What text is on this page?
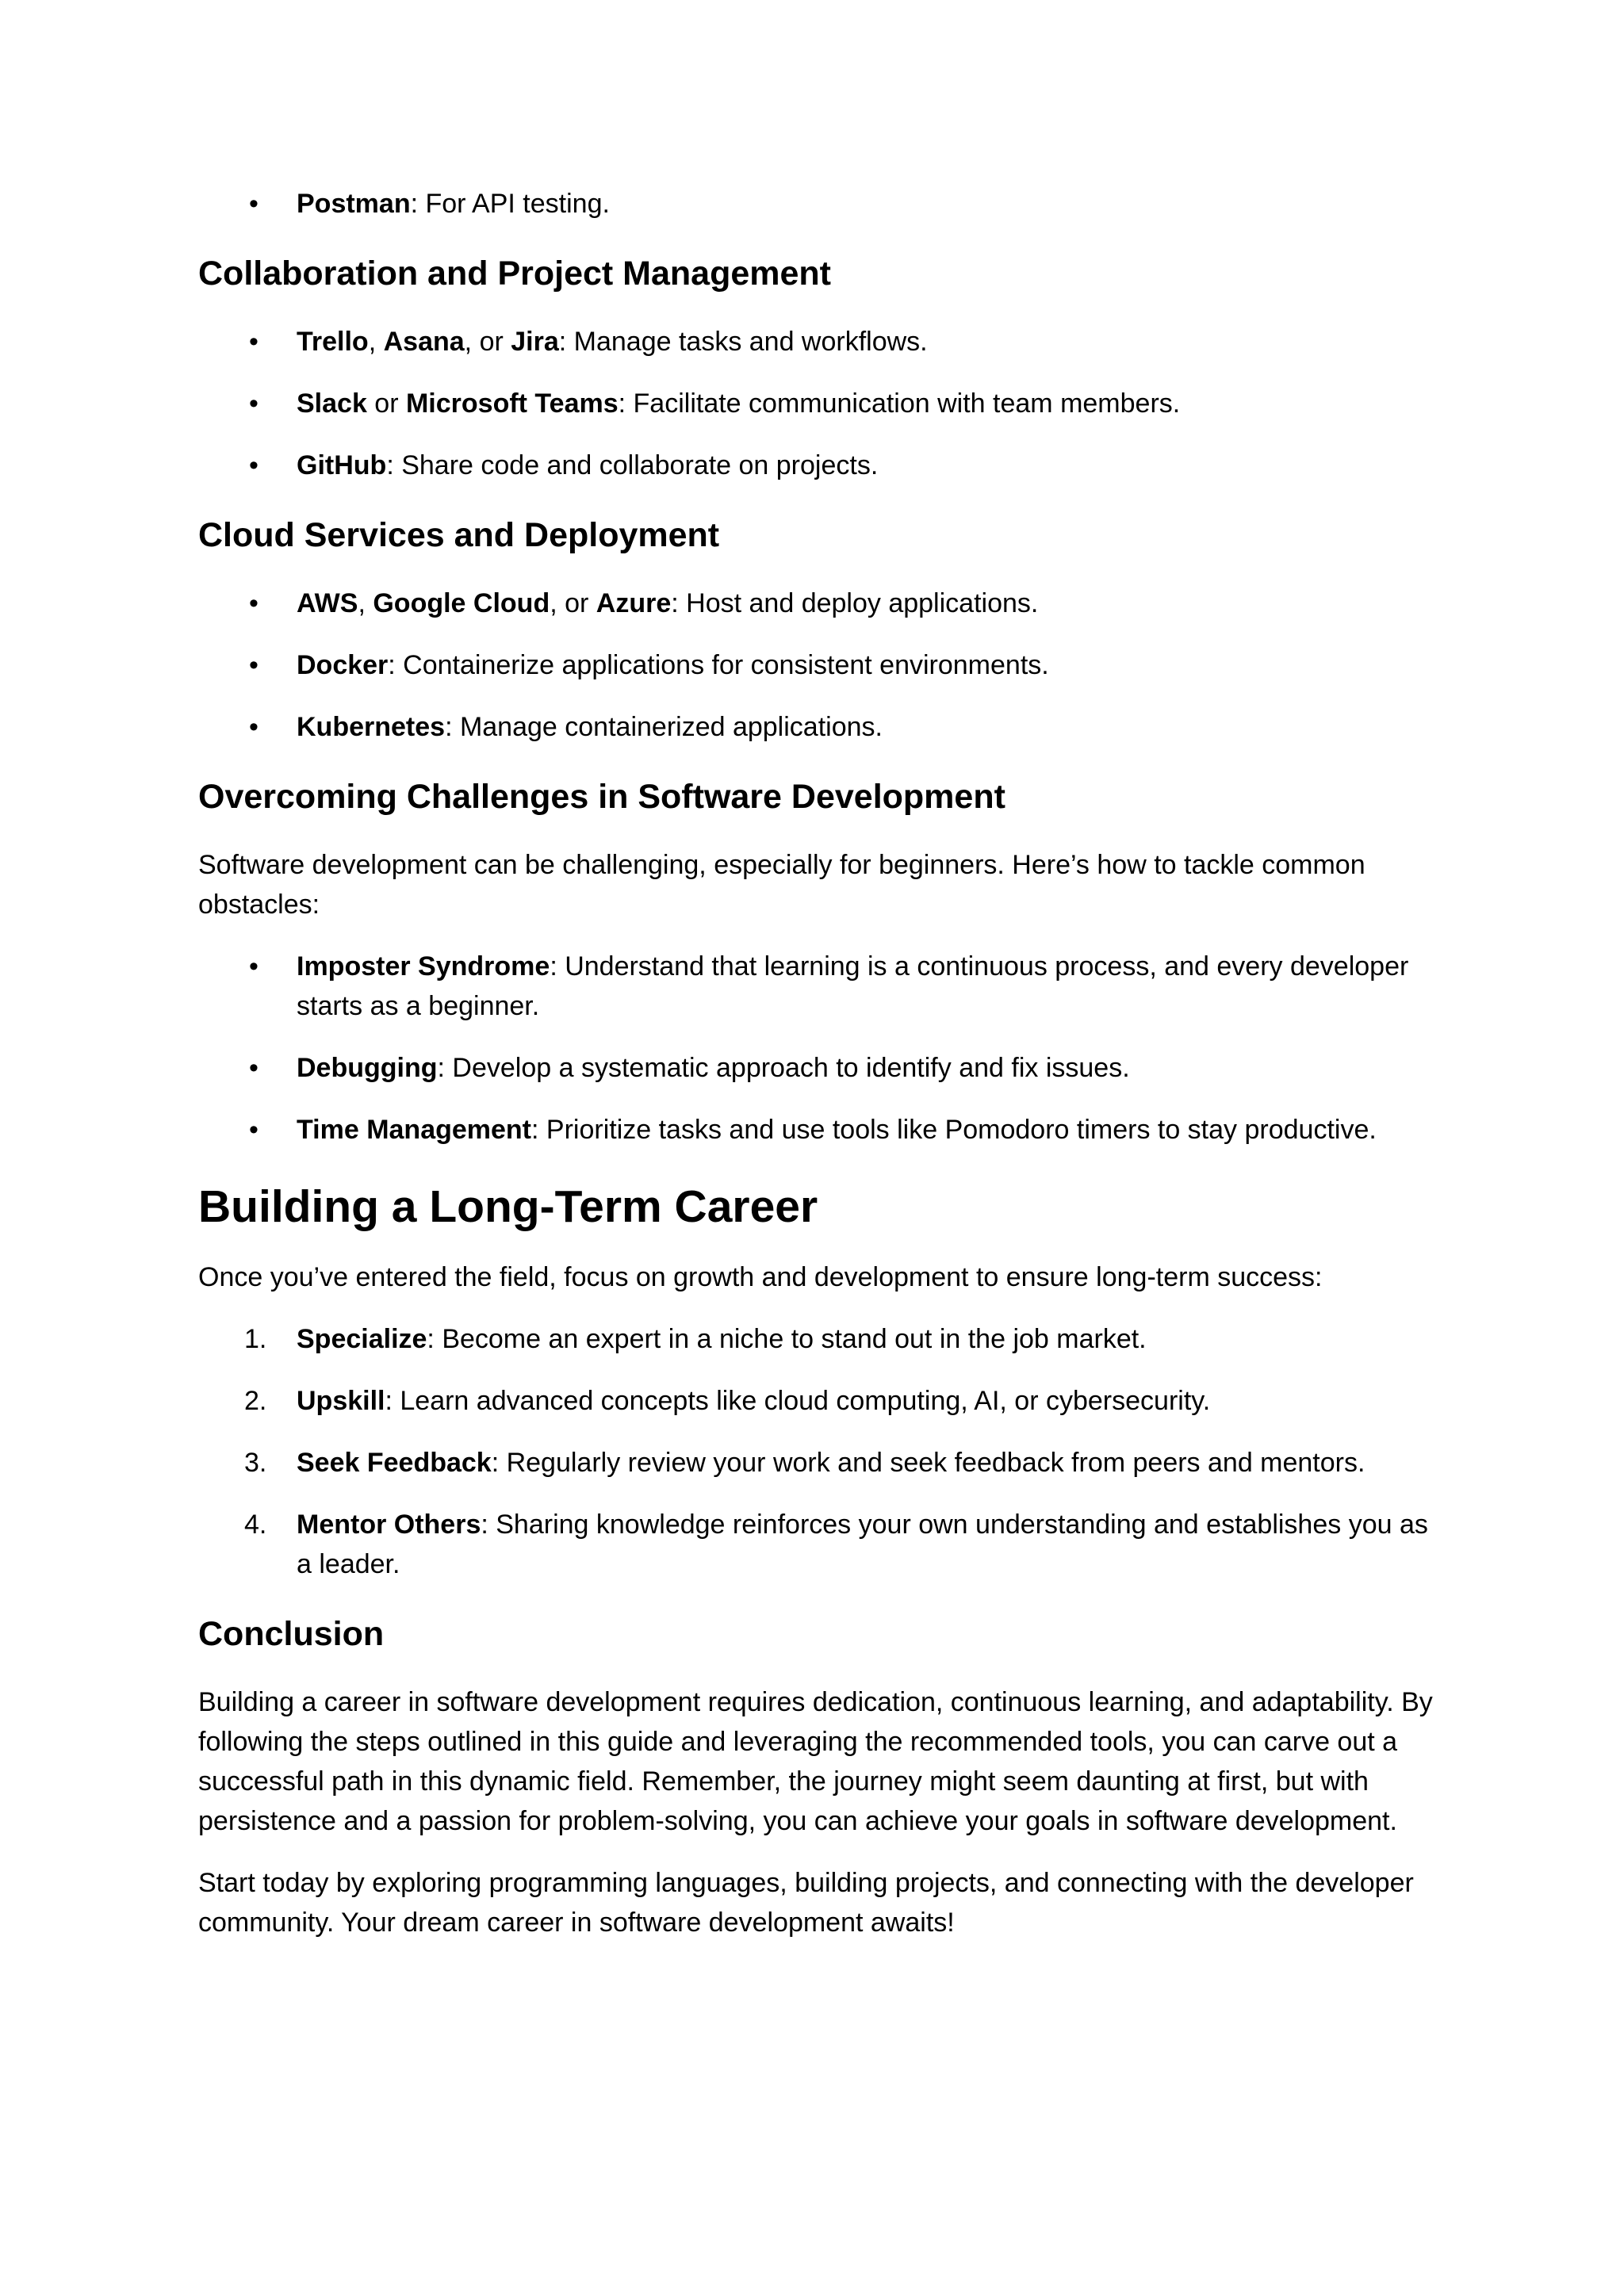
• Postman: For API testing.
Collaboration and Project Management
• Trello, Asana, or Jira: Manage tasks and workflows.
• Slack or Microsoft Teams: Facilitate communication with team members.
• GitHub: Share code and collaborate on projects.
Cloud Services and Deployment
• AWS, Google Cloud, or Azure: Host and deploy applications.
• Docker: Containerize applications for consistent environments.
• Kubernetes: Manage containerized applications.
Overcoming Challenges in Software Development

Software development can be challenging, especially for beginners. Here’s how to tackle common obstacles:

• Imposter Syndrome: Understand that learning is a continuous process, and every developer starts as a beginner.
• Debugging: Develop a systematic approach to identify and fix issues.
• Time Management: Prioritize tasks and use tools like Pomodoro timers to stay productive.
Building a Long-Term Career

Once you’ve entered the field, focus on growth and development to ensure long-term success:

1. Specialize: Become an expert in a niche to stand out in the job market.
2. Upskill: Learn advanced concepts like cloud computing, AI, or cybersecurity.
3. Seek Feedback: Regularly review your work and seek feedback from peers and mentors.
4. Mentor Others: Sharing knowledge reinforces your own understanding and establishes you as a leader.
Conclusion

Building a career in software development requires dedication, continuous learning, and adaptability. By following the steps outlined in this guide and leveraging the recommended tools, you can carve out a successful path in this dynamic field. Remember, the journey might seem daunting at first, but with persistence and a passion for problem-solving, you can achieve your goals in software development.

Start today by exploring programming languages, building projects, and connecting with the developer community. Your dream career in software development awaits!
